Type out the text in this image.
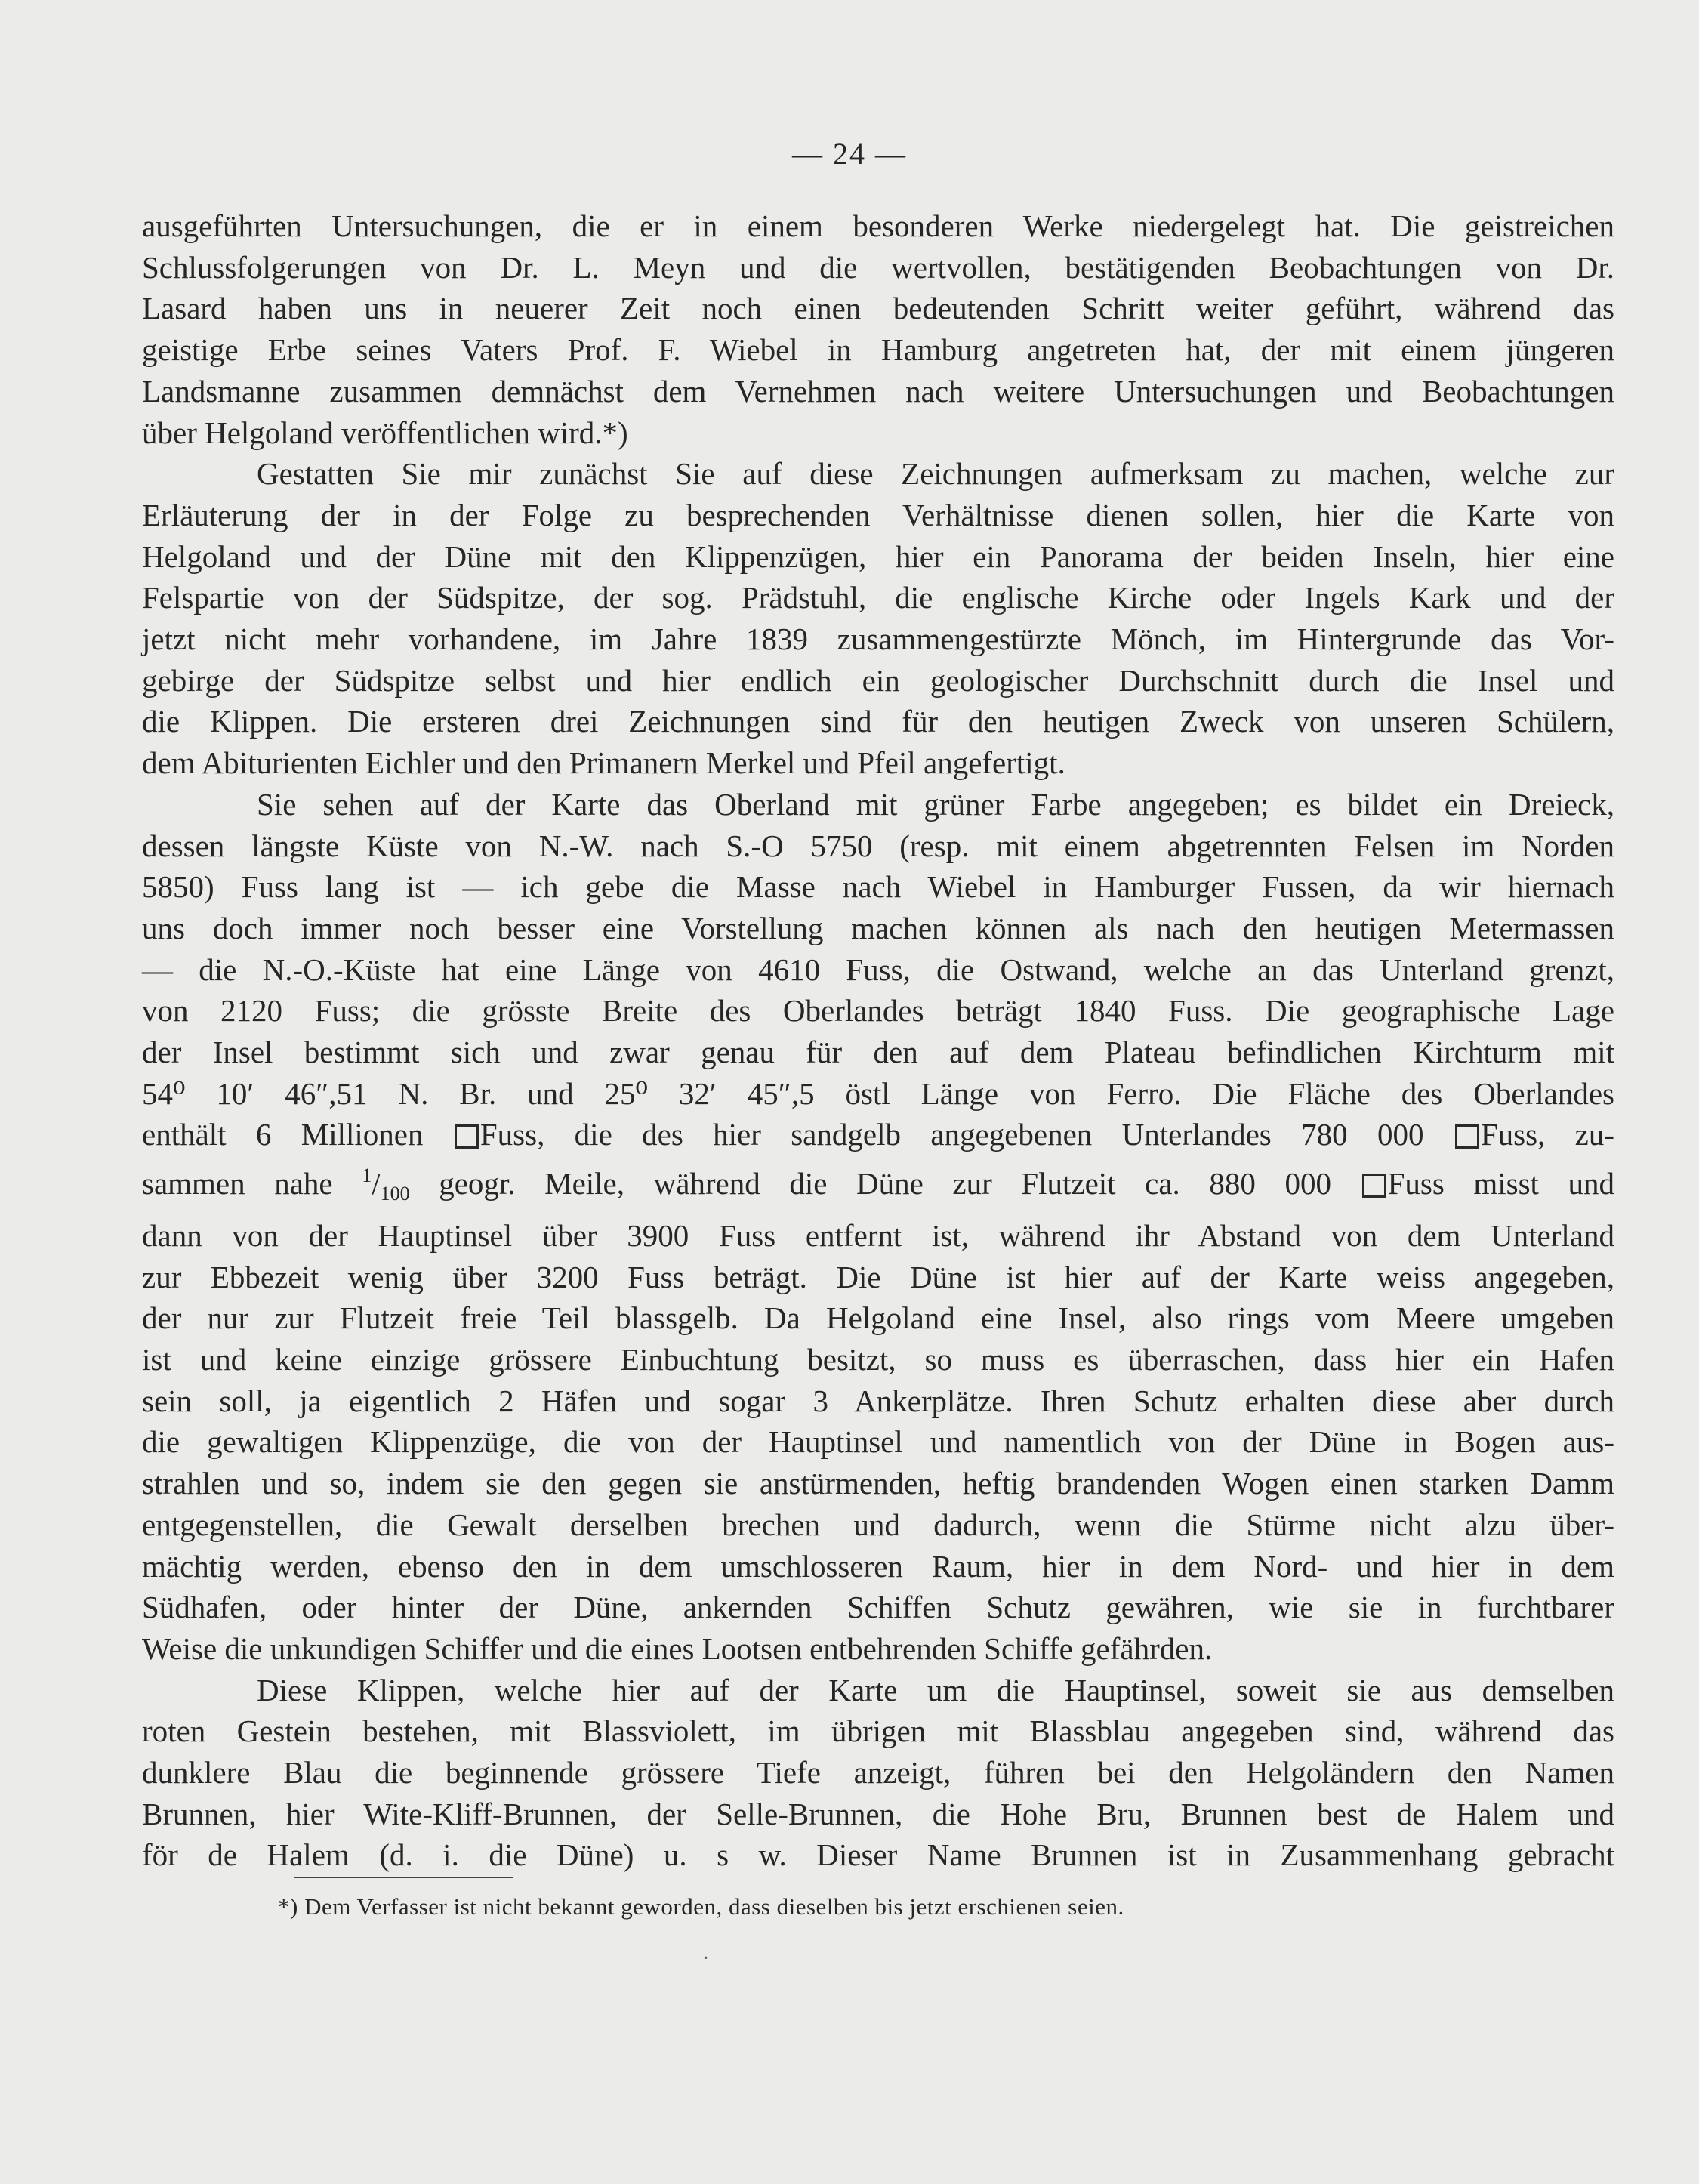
— 24 —

ausgeführten Untersuchungen, die er in einem besonderen Werke niedergelegt hat. Die geistreichen

Schlussfolgerungen von Dr. L. Meyn und die wertvollen, bestätigenden Beobachtungen von Dr.

Lasard haben uns in neuerer Zeit noch einen bedeutenden Schritt weiter geführt, während das

geistige Erbe seines Vaters Prof. F. Wiebel in Hamburg angetreten hat, der mit einem jüngeren

Landsmanne zusammen demnächst dem Vernehmen nach weitere Untersuchungen und Beobachtungen

über Helgoland veröffentlichen wird.*)

Gestatten Sie mir zunächst Sie auf diese Zeichnungen aufmerksam zu machen, welche zur

Erläuterung der in der Folge zu besprechenden Verhältnisse dienen sollen, hier die Karte von

Helgoland und der Düne mit den Klippenzügen, hier ein Panorama der beiden Inseln, hier eine

Felspartie von der Südspitze, der sog. Prädstuhl, die englische Kirche oder Ingels Kark und der

jetzt nicht mehr vorhandene, im Jahre 1839 zusammengestürzte Mönch, im Hintergrunde das Vor-

gebirge der Südspitze selbst und hier endlich ein geologischer Durchschnitt durch die Insel und

die Klippen. Die ersteren drei Zeichnungen sind für den heutigen Zweck von unseren Schülern,

dem Abiturienten Eichler und den Primanern Merkel und Pfeil angefertigt.

Sie sehen auf der Karte das Oberland mit grüner Farbe angegeben; es bildet ein Dreieck,

dessen längste Küste von N.-W. nach S.-O 5750 (resp. mit einem abgetrennten Felsen im Norden

5850) Fuss lang ist — ich gebe die Masse nach Wiebel in Hamburger Fussen, da wir hiernach

uns doch immer noch besser eine Vorstellung machen können als nach den heutigen Metermassen

— die N.-O.-Küste hat eine Länge von 4610 Fuss, die Ostwand, welche an das Unterland grenzt,

von 2120 Fuss; die grösste Breite des Oberlandes beträgt 1840 Fuss. Die geographische Lage

der Insel bestimmt sich und zwar genau für den auf dem Plateau befindlichen Kirchturm mit

54⁰ 10′ 46″,51 N. Br. und 25⁰ 32′ 45″,5 östl Länge von Ferro. Die Fläche des Oberlandes

enthält 6 Millionen Fuss, die des hier sandgelb angegebenen Unterlandes 780 000 Fuss, zu-

sammen nahe $^1/_{100}$ geogr. Meile, während die Düne zur Flutzeit ca. 880 000 Fuss misst und

dann von der Hauptinsel über 3900 Fuss entfernt ist, während ihr Abstand von dem Unterland

zur Ebbezeit wenig über 3200 Fuss beträgt. Die Düne ist hier auf der Karte weiss angegeben,

der nur zur Flutzeit freie Teil blassgelb. Da Helgoland eine Insel, also rings vom Meere umgeben

ist und keine einzige grössere Einbuchtung besitzt, so muss es überraschen, dass hier ein Hafen

sein soll, ja eigentlich 2 Häfen und sogar 3 Ankerplätze. Ihren Schutz erhalten diese aber durch

die gewaltigen Klippenzüge, die von der Hauptinsel und namentlich von der Düne in Bogen aus-

strahlen und so, indem sie den gegen sie anstürmenden, heftig brandenden Wogen einen starken Damm

entgegenstellen, die Gewalt derselben brechen und dadurch, wenn die Stürme nicht alzu über-

mächtig werden, ebenso den in dem umschlosseren Raum, hier in dem Nord- und hier in dem

Südhafen, oder hinter der Düne, ankernden Schiffen Schutz gewähren, wie sie in furchtbarer

Weise die unkundigen Schiffer und die eines Lootsen entbehrenden Schiffe gefährden.

Diese Klippen, welche hier auf der Karte um die Hauptinsel, soweit sie aus demselben

roten Gestein bestehen, mit Blassviolett, im übrigen mit Blassblau angegeben sind, während das

dunklere Blau die beginnende grössere Tiefe anzeigt, führen bei den Helgoländern den Namen

Brunnen, hier Wite-Kliff-Brunnen, der Selle-Brunnen, die Hohe Bru, Brunnen best de Halem und

för de Halem (d. i. die Düne) u. s w. Dieser Name Brunnen ist in Zusammenhang gebracht

*) Dem Verfasser ist nicht bekannt geworden, dass dieselben bis jetzt erschienen seien.
·
